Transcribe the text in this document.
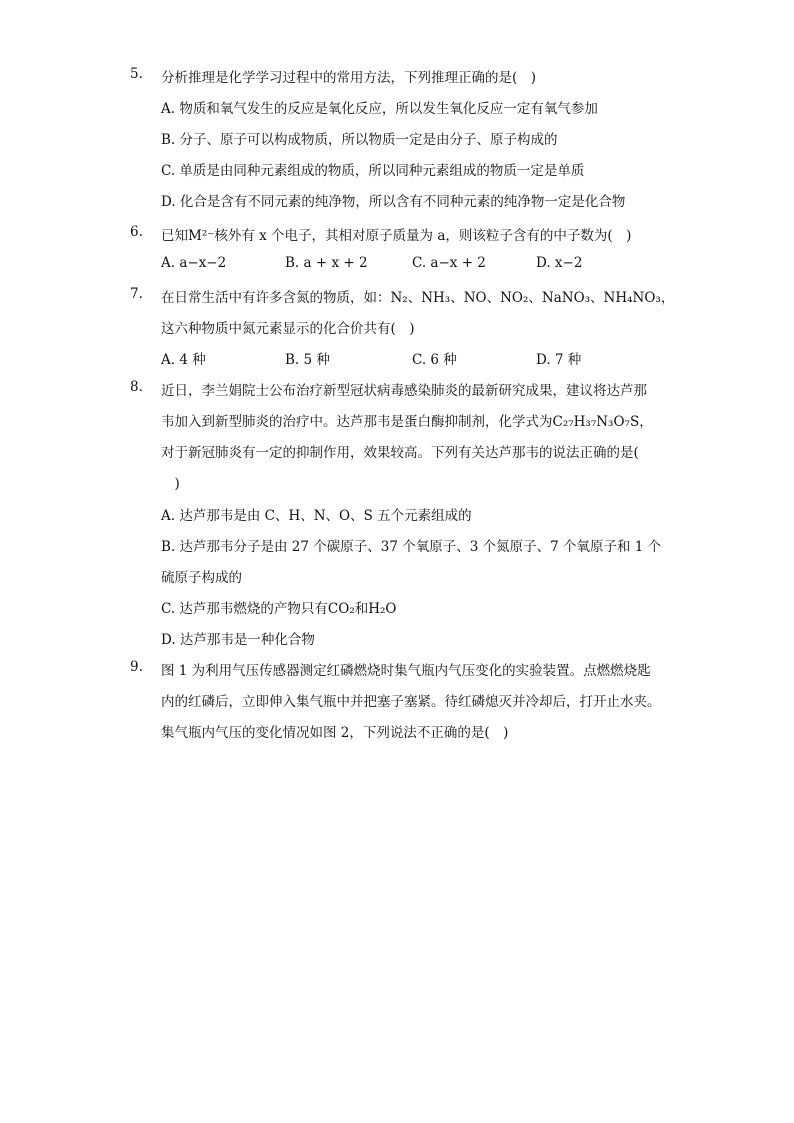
5.	分析推理是化学学习过程中的常用方法，下列推理正确的是(　)
A. 物质和氧气发生的反应是氧化反应，所以发生氧化反应一定有氧气参加
B. 分子、原子可以构成物质，所以物质一定是由分子、原子构成的
C. 单质是由同种元素组成的物质，所以同种元素组成的物质一定是单质
D. 化合是含有不同元素的纯净物，所以含有不同种元素的纯净物一定是化合物
6.	已知M²⁻核外有 x 个电子，其相对原子质量为 a，则该粒子含有的中子数为(　)
A. a−x−2	B. a + x + 2	C. a−x + 2	D. x−2
7.	在日常生活中有许多含氮的物质，如：N₂、NH₃、NO、NO₂、NaNO₃、NH₄NO₃，
这六种物质中氮元素显示的化合价共有(　)
A. 4 种	B. 5 种	C. 6 种	D. 7 种
8.	近日，李兰娟院士公布治疗新型冠状病毒感染肺炎的最新研究成果，建议将达芦那
韦加入到新型肺炎的治疗中。达芦那韦是蛋白酶抑制剂，化学式为C₂₇H₃₇N₃O₇S，
对于新冠肺炎有一定的抑制作用，效果较高。下列有关达芦那韦的说法正确的是(
　)
A. 达芦那韦是由 C、H、N、O、S 五个元素组成的
B. 达芦那韦分子是由 27 个碳原子、37 个氧原子、3 个氮原子、7 个氧原子和 1 个
硫原子构成的
C. 达芦那韦燃烧的产物只有CO₂和H₂O
D. 达芦那韦是一种化合物
9.	图 1 为利用气压传感器测定红磷燃烧时集气瓶内气压变化的实验装置。点燃燃烧匙
内的红磷后，立即伸入集气瓶中并把塞子塞紧。待红磷熄灭并冷却后，打开止水夹。
集气瓶内气压的变化情况如图 2，下列说法不正确的是(　)
